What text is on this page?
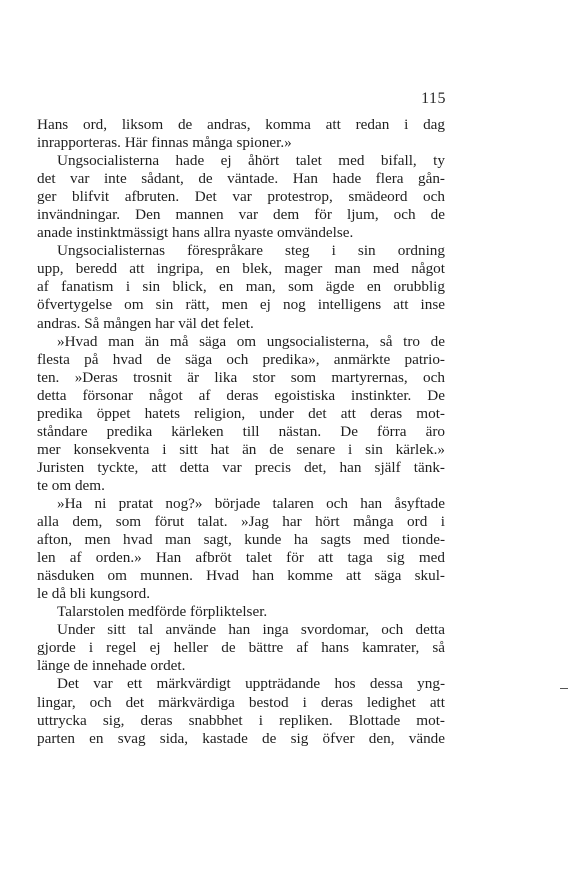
115
Hans ord, liksom de andras, komma att redan i dag
inrapporteras. Här finnas många spioner.»
Ungsocialisterna hade ej åhört talet med bifall, ty
det var inte sådant, de väntade. Han hade flera gån-
ger blifvit afbruten. Det var protestrop, smädeord och
invändningar. Den mannen var dem för ljum, och de
anade instinktmässigt hans allra nyaste omvändelse.
Ungsocialisternas förespråkare steg i sin ordning
upp, beredd att ingripa, en blek, mager man med något
af fanatism i sin blick, en man, som ägde en orubblig
öfvertygelse om sin rätt, men ej nog intelligens att inse
andras. Så mången har väl det felet.
»Hvad man än må säga om ungsocialisterna, så tro de
flesta på hvad de säga och predika», anmärkte patrio-
ten. »Deras trosnit är lika stor som martyrernas, och
detta försonar något af deras egoistiska instinkter. De
predika öppet hatets religion, under det att deras mot-
ståndare predika kärleken till nästan. De förra äro
mer konsekventa i sitt hat än de senare i sin kärlek.»
Juristen tyckte, att detta var precis det, han själf tänk-
te om dem.
»Ha ni pratat nog?» började talaren och han åsyftade
alla dem, som förut talat. »Jag har hört många ord i
afton, men hvad man sagt, kunde ha sagts med tionde-
len af orden.» Han afbröt talet för att taga sig med
näsduken om munnen. Hvad han komme att säga skul-
le då bli kungsord.
Talarstolen medförde förpliktelser.
Under sitt tal använde han inga svordomar, och detta
gjorde i regel ej heller de bättre af hans kamrater, så
länge de innehade ordet.
Det var ett märkvärdigt uppträdande hos dessa yng-
lingar, och det märkvärdiga bestod i deras ledighet att
uttrycka sig, deras snabbhet i repliken. Blottade mot-
parten en svag sida, kastade de sig öfver den, vände
